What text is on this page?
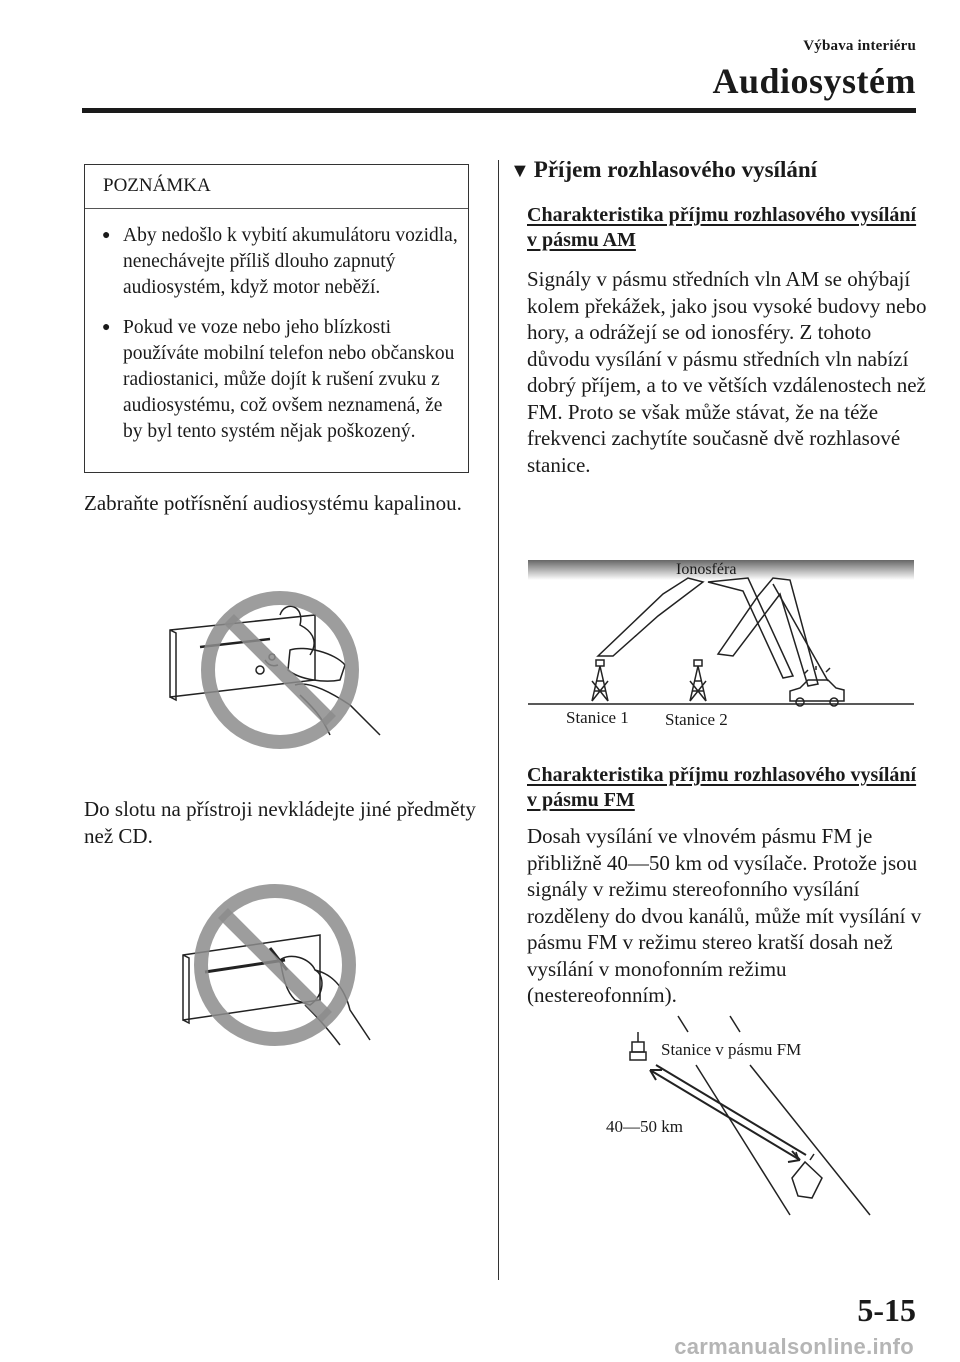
Výbava interiéru
Audiosystém
POZNÁMKA
● Aby nedošlo k vybití akumulátoru vozidla, nenechávejte příliš dlouho zapnutý audiosystém, když motor neběží.
● Pokud ve voze nebo jeho blízkosti používáte mobilní telefon nebo občanskou radiostanici, může dojít k rušení zvuku z audiosystému, což ovšem neznamená, že by byl tento systém nějak poškozený.
Zabraňte potřísnění audiosystému kapalinou.
Do slotu na přístroji nevkládejte jiné předměty než CD.
▼ Příjem rozhlasového vysílání
Charakteristika příjmu rozhlasového vysílání v pásmu AM
Signály v pásmu středních vln AM se ohýbají kolem překážek, jako jsou vysoké budovy nebo hory, a odrážejí se od ionosféry. Z tohoto důvodu vysílání v pásmu středních vln nabízí dobrý příjem, a to ve větších vzdálenostech než FM. Proto se však může stávat, že na téže frekvenci zachytíte současně dvě rozhlasové stanice.
Ionosféra
Stanice 1 Stanice 2
Charakteristika příjmu rozhlasového vysílání v pásmu FM
Dosah vysílání ve vlnovém pásmu FM je přibližně 40―50 km od vysílače. Protože jsou signály v režimu stereofonního vysílání rozděleny do dvou kanálů, může mít vysílání v pásmu FM v režimu stereo kratší dosah než vysílání v monofonním režimu (nestereofonním).
Stanice v pásmu FM
40―50 km
5-15
carmanualsonline.info
